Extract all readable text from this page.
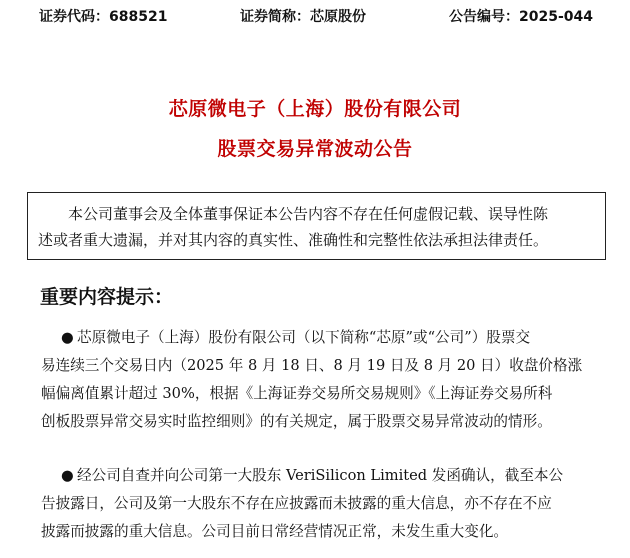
证券代码：688521	证券简称：芯原股份	公告编号：2025-044
芯原微电子（上海）股份有限公司
股票交易异常波动公告
本公司董事会及全体董事保证本公告内容不存在任何虚假记载、误导性陈
述或者重大遗漏，并对其内容的真实性、准确性和完整性依法承担法律责任。
重要内容提示：
● 芯原微电子（上海）股份有限公司（以下简称“芯原”或“公司”）股票交
易连续三个交易日内（2025 年 8 月 18 日、8 月 19 日及 8 月 20 日）收盘价格涨
幅偏离值累计超过 30%，根据《上海证券交易所交易规则》《上海证券交易所科
创板股票异常交易实时监控细则》的有关规定，属于股票交易异常波动的情形。
● 经公司自查并向公司第一大股东 VeriSilicon Limited 发函确认，截至本公
告披露日，公司及第一大股东不存在应披露而未披露的重大信息，亦不存在不应
披露而披露的重大信息。公司目前日常经营情况正常，未发生重大变化。
